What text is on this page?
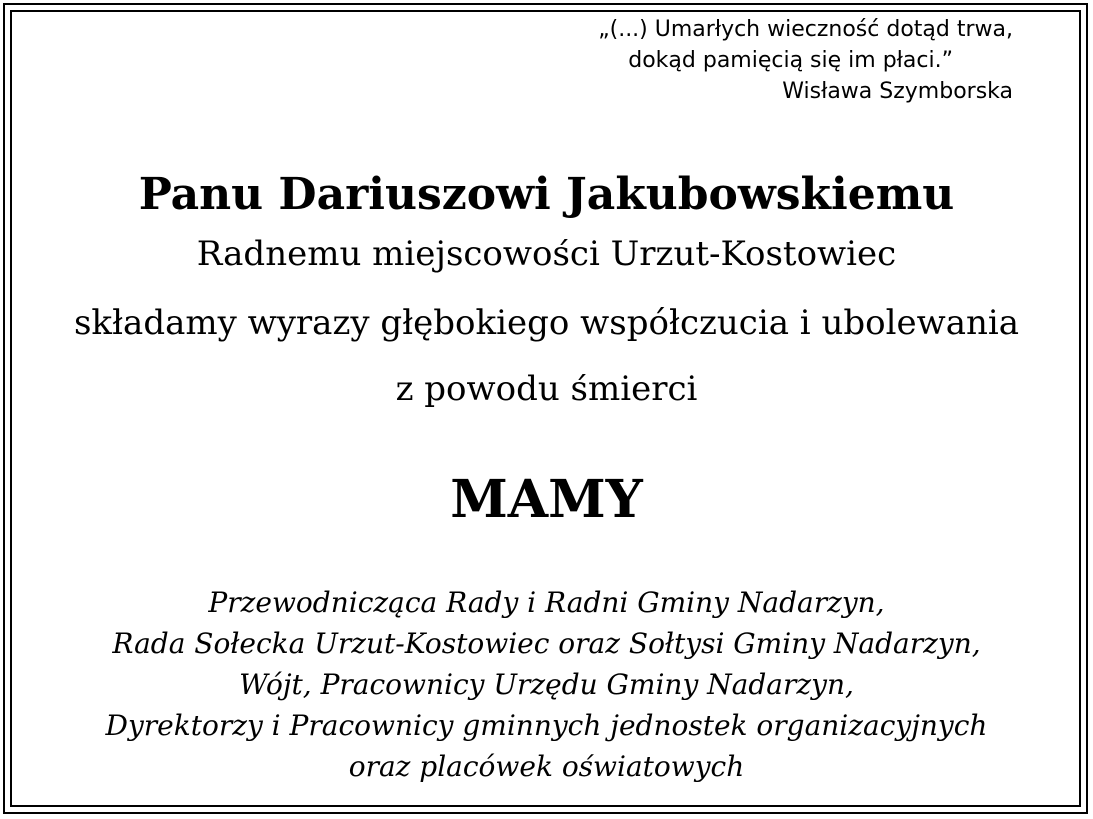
„(...) Umarłych wieczność dotąd trwa,
dokąd pamięcią się im płaci.”
Wisława Szymborska
Panu Dariuszowi Jakubowskiemu
Radnemu miejscowości Urzut-Kostowiec
składamy wyrazy głębokiego współczucia i ubolewania
z powodu śmierci
MAMY
Przewodnicząca Rady i Radni Gminy Nadarzyn,
Rada Sołecka Urzut-Kostowiec oraz Sołtysi Gminy Nadarzyn,
Wójt, Pracownicy Urzędu Gminy Nadarzyn,
Dyrektorzy i Pracownicy gminnych jednostek organizacyjnych
oraz placówek oświatowych
